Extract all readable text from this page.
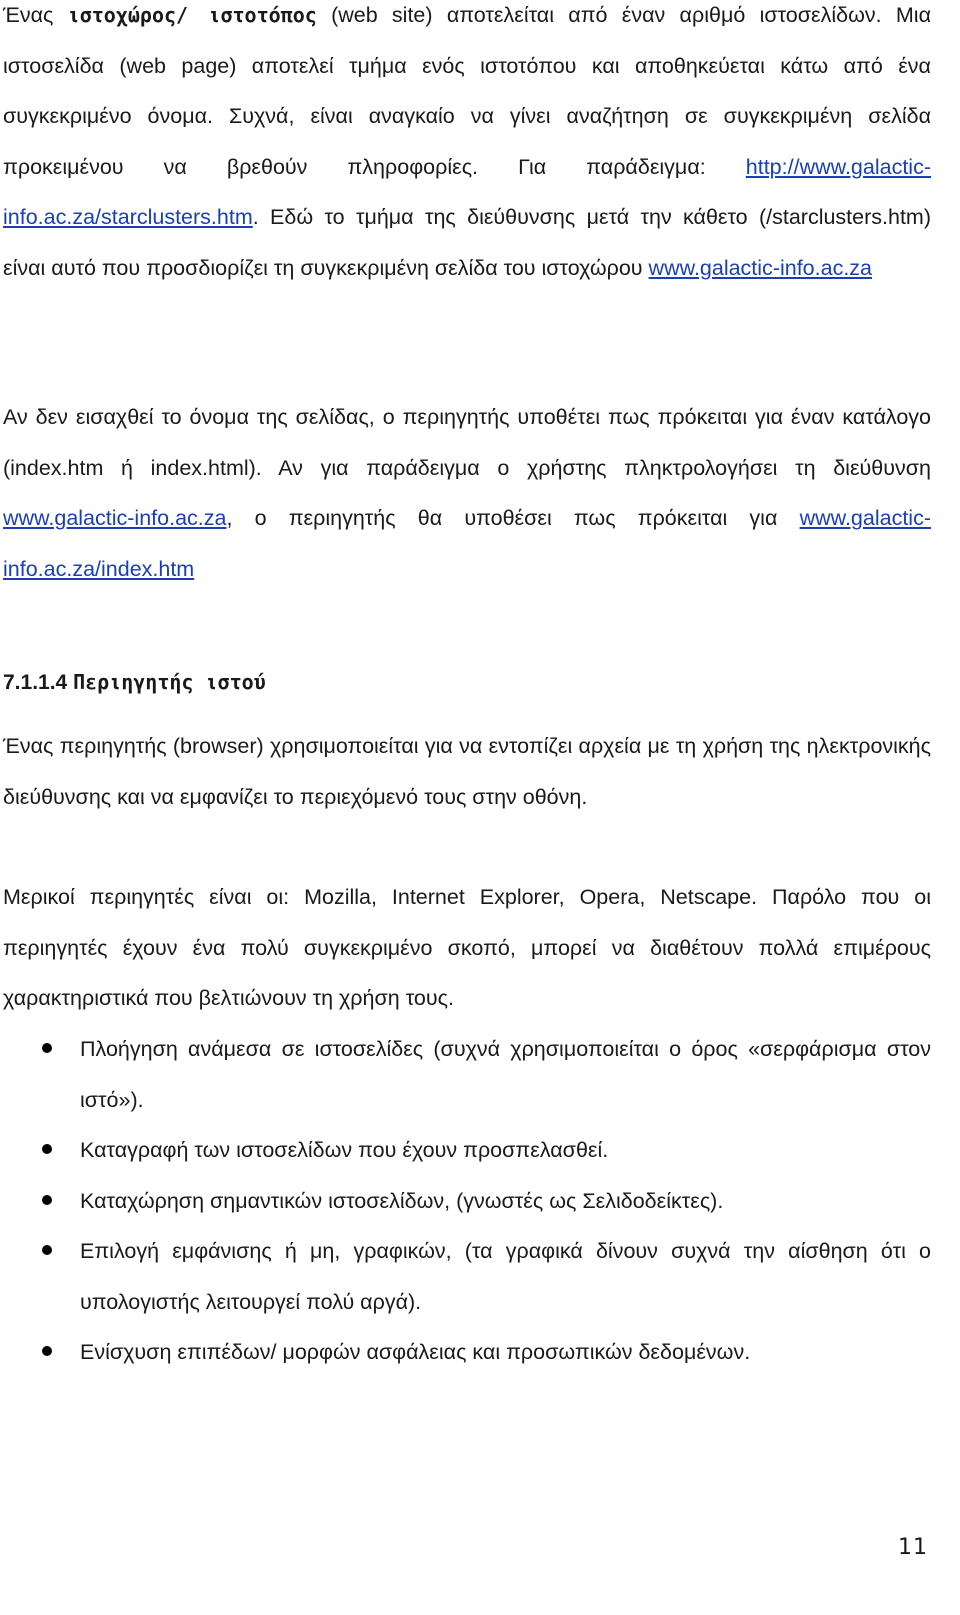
Ένας ιστοχώρος/ ιστοτόπος (web site) αποτελείται από έναν αριθμό ιστοσελίδων. Μια ιστοσελίδα (web page) αποτελεί τμήμα ενός ιστοτόπου και αποθηκεύεται κάτω από ένα συγκεκριμένο όνομα. Συχνά, είναι αναγκαίο να γίνει αναζήτηση σε συγκεκριμένη σελίδα προκειμένου να βρεθούν πληροφορίες. Για παράδειγμα: http://www.galactic-info.ac.za/starclusters.htm. Εδώ το τμήμα της διεύθυνσης μετά την κάθετο (/starclusters.htm) είναι αυτό που προσδιορίζει τη συγκεκριμένη σελίδα του ιστοχώρου www.galactic-info.ac.za

Αν δεν εισαχθεί το όνομα της σελίδας, ο περιηγητής υποθέτει πως πρόκειται για έναν κατάλογο (index.htm ή index.html). Αν για παράδειγμα ο χρήστης πληκτρολογήσει τη διεύθυνση www.galactic-info.ac.za, ο περιηγητής θα υποθέσει πως πρόκειται για www.galactic-info.ac.za/index.htm

7.1.1.4 Περιηγητής ιστού

Ένας περιηγητής (browser) χρησιμοποιείται για να εντοπίζει αρχεία με τη χρήση της ηλεκτρονικής διεύθυνσης και να εμφανίζει το περιεχόμενό τους στην οθόνη.

Μερικοί περιηγητές είναι οι: Mozilla, Internet Explorer, Opera, Netscape. Παρόλο που οι περιηγητές έχουν ένα πολύ συγκεκριμένο σκοπό, μπορεί να διαθέτουν πολλά επιμέρους χαρακτηριστικά που βελτιώνουν τη χρήση τους.

Πλοήγηση ανάμεσα σε ιστοσελίδες (συχνά χρησιμοποιείται ο όρος «σερφάρισμα στον ιστό»).
Καταγραφή των ιστοσελίδων που έχουν προσπελασθεί.
Καταχώρηση σημαντικών ιστοσελίδων, (γνωστές ως Σελιδοδείκτες).
Επιλογή εμφάνισης ή μη, γραφικών, (τα γραφικά δίνουν συχνά την αίσθηση ότι ο υπολογιστής λειτουργεί πολύ αργά).
Ενίσχυση επιπέδων/ μορφών ασφάλειας και προσωπικών δεδομένων.
11
